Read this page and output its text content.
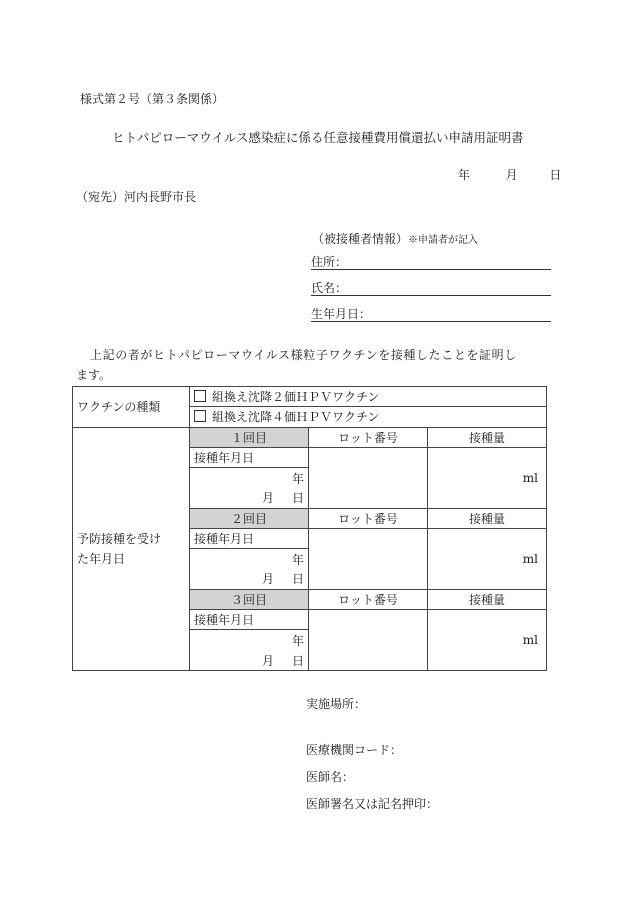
様式第２号（第３条関係）
ヒトパピローマウイルス感染症に係る任意接種費用償還払い申請用証明書
年	月	日
（宛先）河内長野市長
（被接種者情報）※申請者が記入
住所：
氏名：
生年月日：
上記の者がヒトパピローマウイルス様粒子ワクチンを接種したことを証明し
ます。
ワクチンの種類	組換え沈降２価ＨＰＶワクチン		
	組換え沈降４価ＨＰＶワクチン		
予防接種を受け
た年月日	１回目	ロット番号	接種量
	接種年月日		ml
	年		
	月 日		
	２回目	ロット番号	接種量
	接種年月日		ml
	年		
	月 日		
	３回目	ロット番号	接種量
	接種年月日		ml
	年		
	月 日		
実施場所：
医療機関コード：
医師名：
医師署名又は記名押印：
